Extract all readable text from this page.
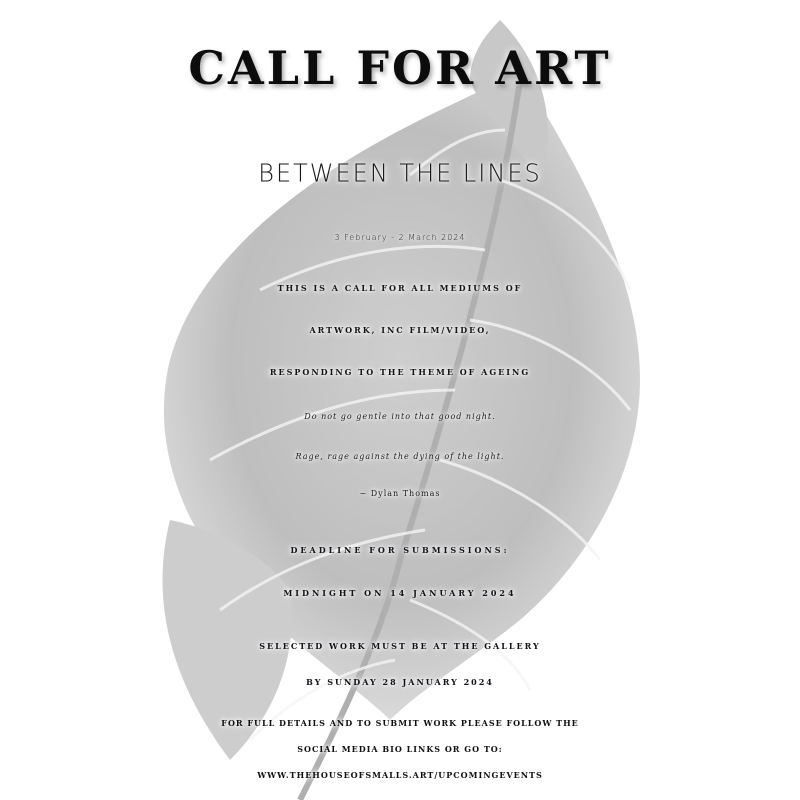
CALL FOR ART
BETWEEN THE LINES
3 February - 2 March 2024
THIS IS A CALL FOR ALL MEDIUMS OF
ARTWORK, INC FILM/VIDEO,
RESPONDING TO THE THEME OF AGEING
Do not go gentle into that good night.
Rage, rage against the dying of the light.
~ Dylan Thomas
DEADLINE FOR SUBMISSIONS:
MIDNIGHT ON 14 JANUARY 2024
SELECTED WORK MUST BE AT THE GALLERY
BY SUNDAY 28 JANUARY 2024
FOR FULL DETAILS AND TO SUBMIT WORK PLEASE FOLLOW THE
SOCIAL MEDIA BIO LINKS OR GO TO:
WWW.THEHOUSEOFSMALLS.ART/UPCOMINGEVENTS
